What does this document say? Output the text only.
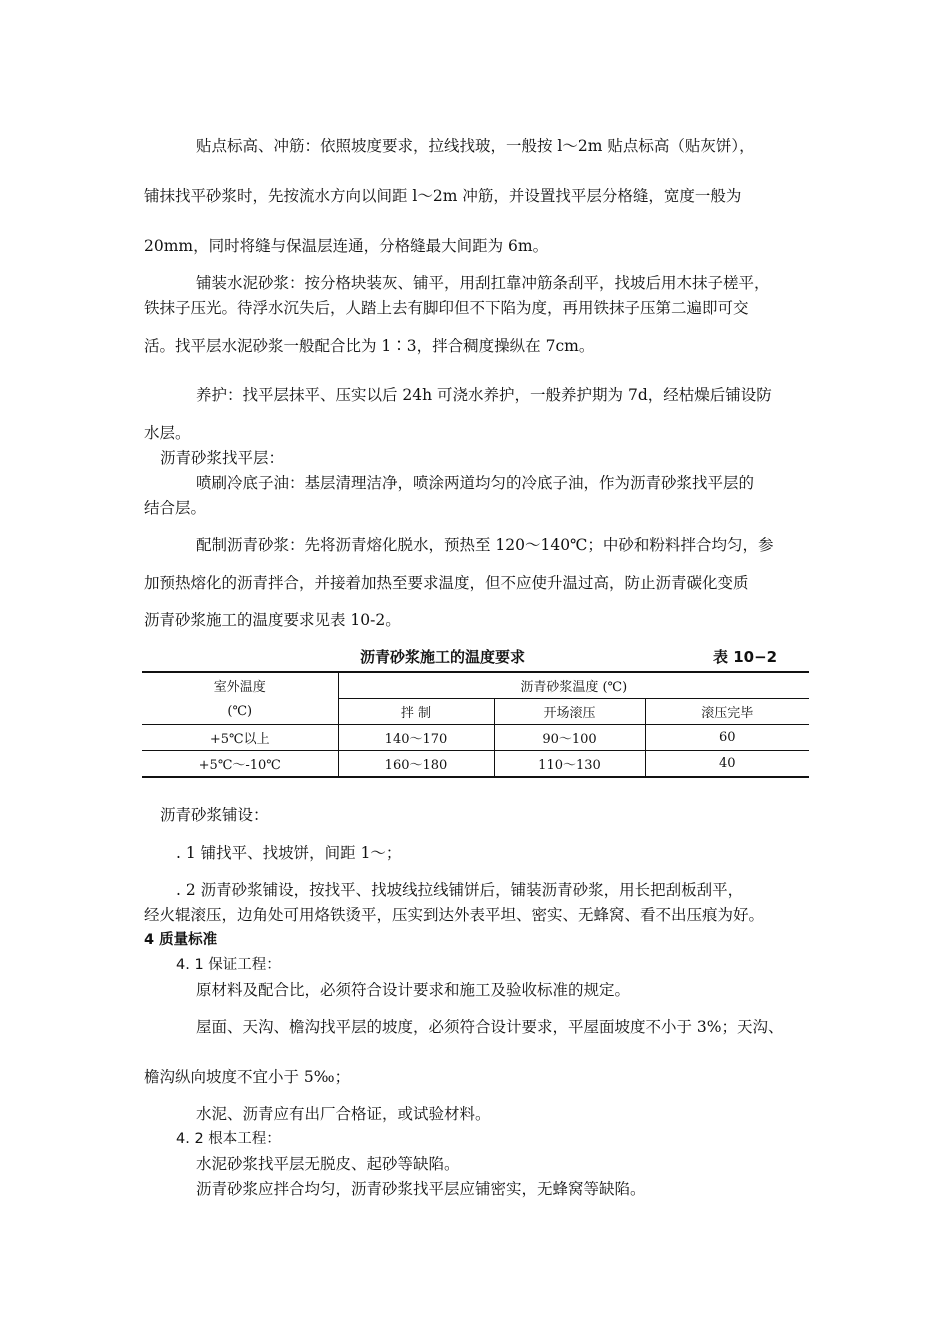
贴点标高、冲筋：依照坡度要求，拉线找玻，一般按 l～2m 贴点标高（贴灰饼），
铺抹找平砂浆时，先按流水方向以间距 l～2m 冲筋，并设置找平层分格缝，宽度一般为
20mm，同时将缝与保温层连通，分格缝最大间距为 6m。
铺装水泥砂浆：按分格块装灰、铺平，用刮扛靠冲筋条刮平，找坡后用木抹子槎平，
铁抹子压光。待浮水沉失后，人踏上去有脚印但不下陷为度，再用铁抹子压第二遍即可交
活。找平层水泥砂浆一般配合比为 1∶3，拌合稠度操纵在 7cm。
养护：找平层抹平、压实以后 24h 可浇水养护，一般养护期为 7d，经枯燥后铺设防
水层。
沥青砂浆找平层：
喷刷冷底子油：基层清理洁净，喷涂两道均匀的冷底子油，作为沥青砂浆找平层的
结合层。
配制沥青砂浆：先将沥青熔化脱水，预热至 120～140℃；中砂和粉料拌合均匀，参
加预热熔化的沥青拌合，并接着加热至要求温度，但不应使升温过高，防止沥青碳化变质
沥青砂浆施工的温度要求见表 10-2。
沥青砂浆施工的温度要求	表 10−2
室外温度	沥青砂浆温度 (℃)		
(℃)	拌 制	开场滚压	滚压完毕
+5℃以上	140～170	90～100	60
+5℃～-10℃	160～180	110～130	40
沥青砂浆铺设：
. 1 铺找平、找坡饼，间距 1～；
. 2 沥青砂浆铺设，按找平、找坡线拉线铺饼后，铺装沥青砂浆，用长把刮板刮平，
经火辊滚压，边角处可用烙铁烫平，压实到达外表平坦、密实、无蜂窝、看不出压痕为好。
4 质量标准
4. 1 保证工程：
原材料及配合比，必须符合设计要求和施工及验收标准的规定。
屋面、天沟、檐沟找平层的坡度，必须符合设计要求，平屋面坡度不小于 3%；天沟、
檐沟纵向坡度不宜小于 5‰；
水泥、沥青应有出厂合格证，或试验材料。
4. 2 根本工程：
水泥砂浆找平层无脱皮、起砂等缺陷。
沥青砂浆应拌合均匀，沥青砂浆找平层应铺密实，无蜂窝等缺陷。
